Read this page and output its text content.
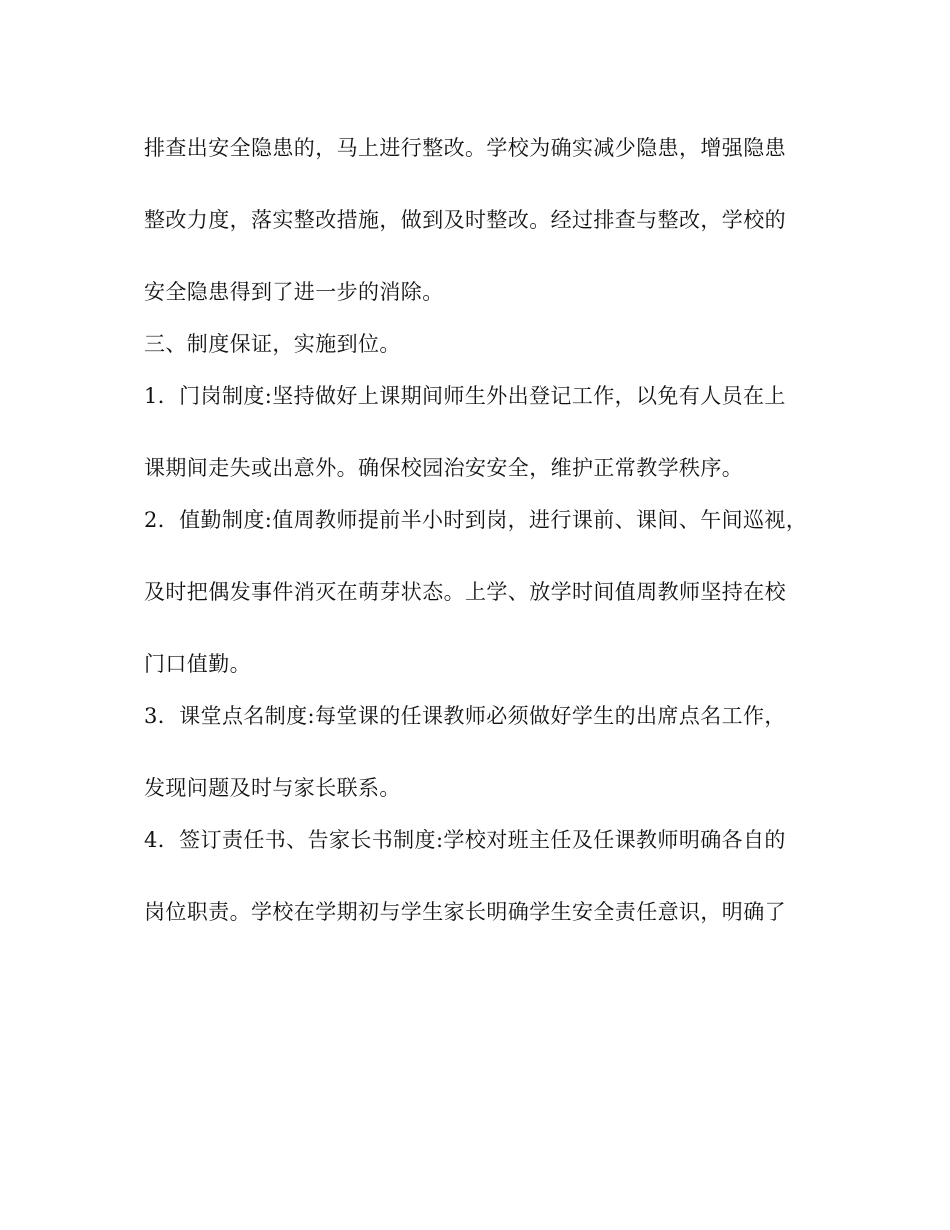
排查出安全隐患的，马上进行整改。学校为确实减少隐患，增强隐患

整改力度，落实整改措施，做到及时整改。经过排查与整改，学校的

安全隐患得到了进一步的消除。

三、制度保证，实施到位。

1．门岗制度:坚持做好上课期间师生外出登记工作，以免有人员在上

课期间走失或出意外。确保校园治安安全，维护正常教学秩序。

2．值勤制度:值周教师提前半小时到岗，进行课前、课间、午间巡视，

及时把偶发事件消灭在萌芽状态。上学、放学时间值周教师坚持在校

门口值勤。

3．课堂点名制度:每堂课的任课教师必须做好学生的出席点名工作，

发现问题及时与家长联系。

4．签订责任书、告家长书制度:学校对班主任及任课教师明确各自的

岗位职责。学校在学期初与学生家长明确学生安全责任意识，明确了
